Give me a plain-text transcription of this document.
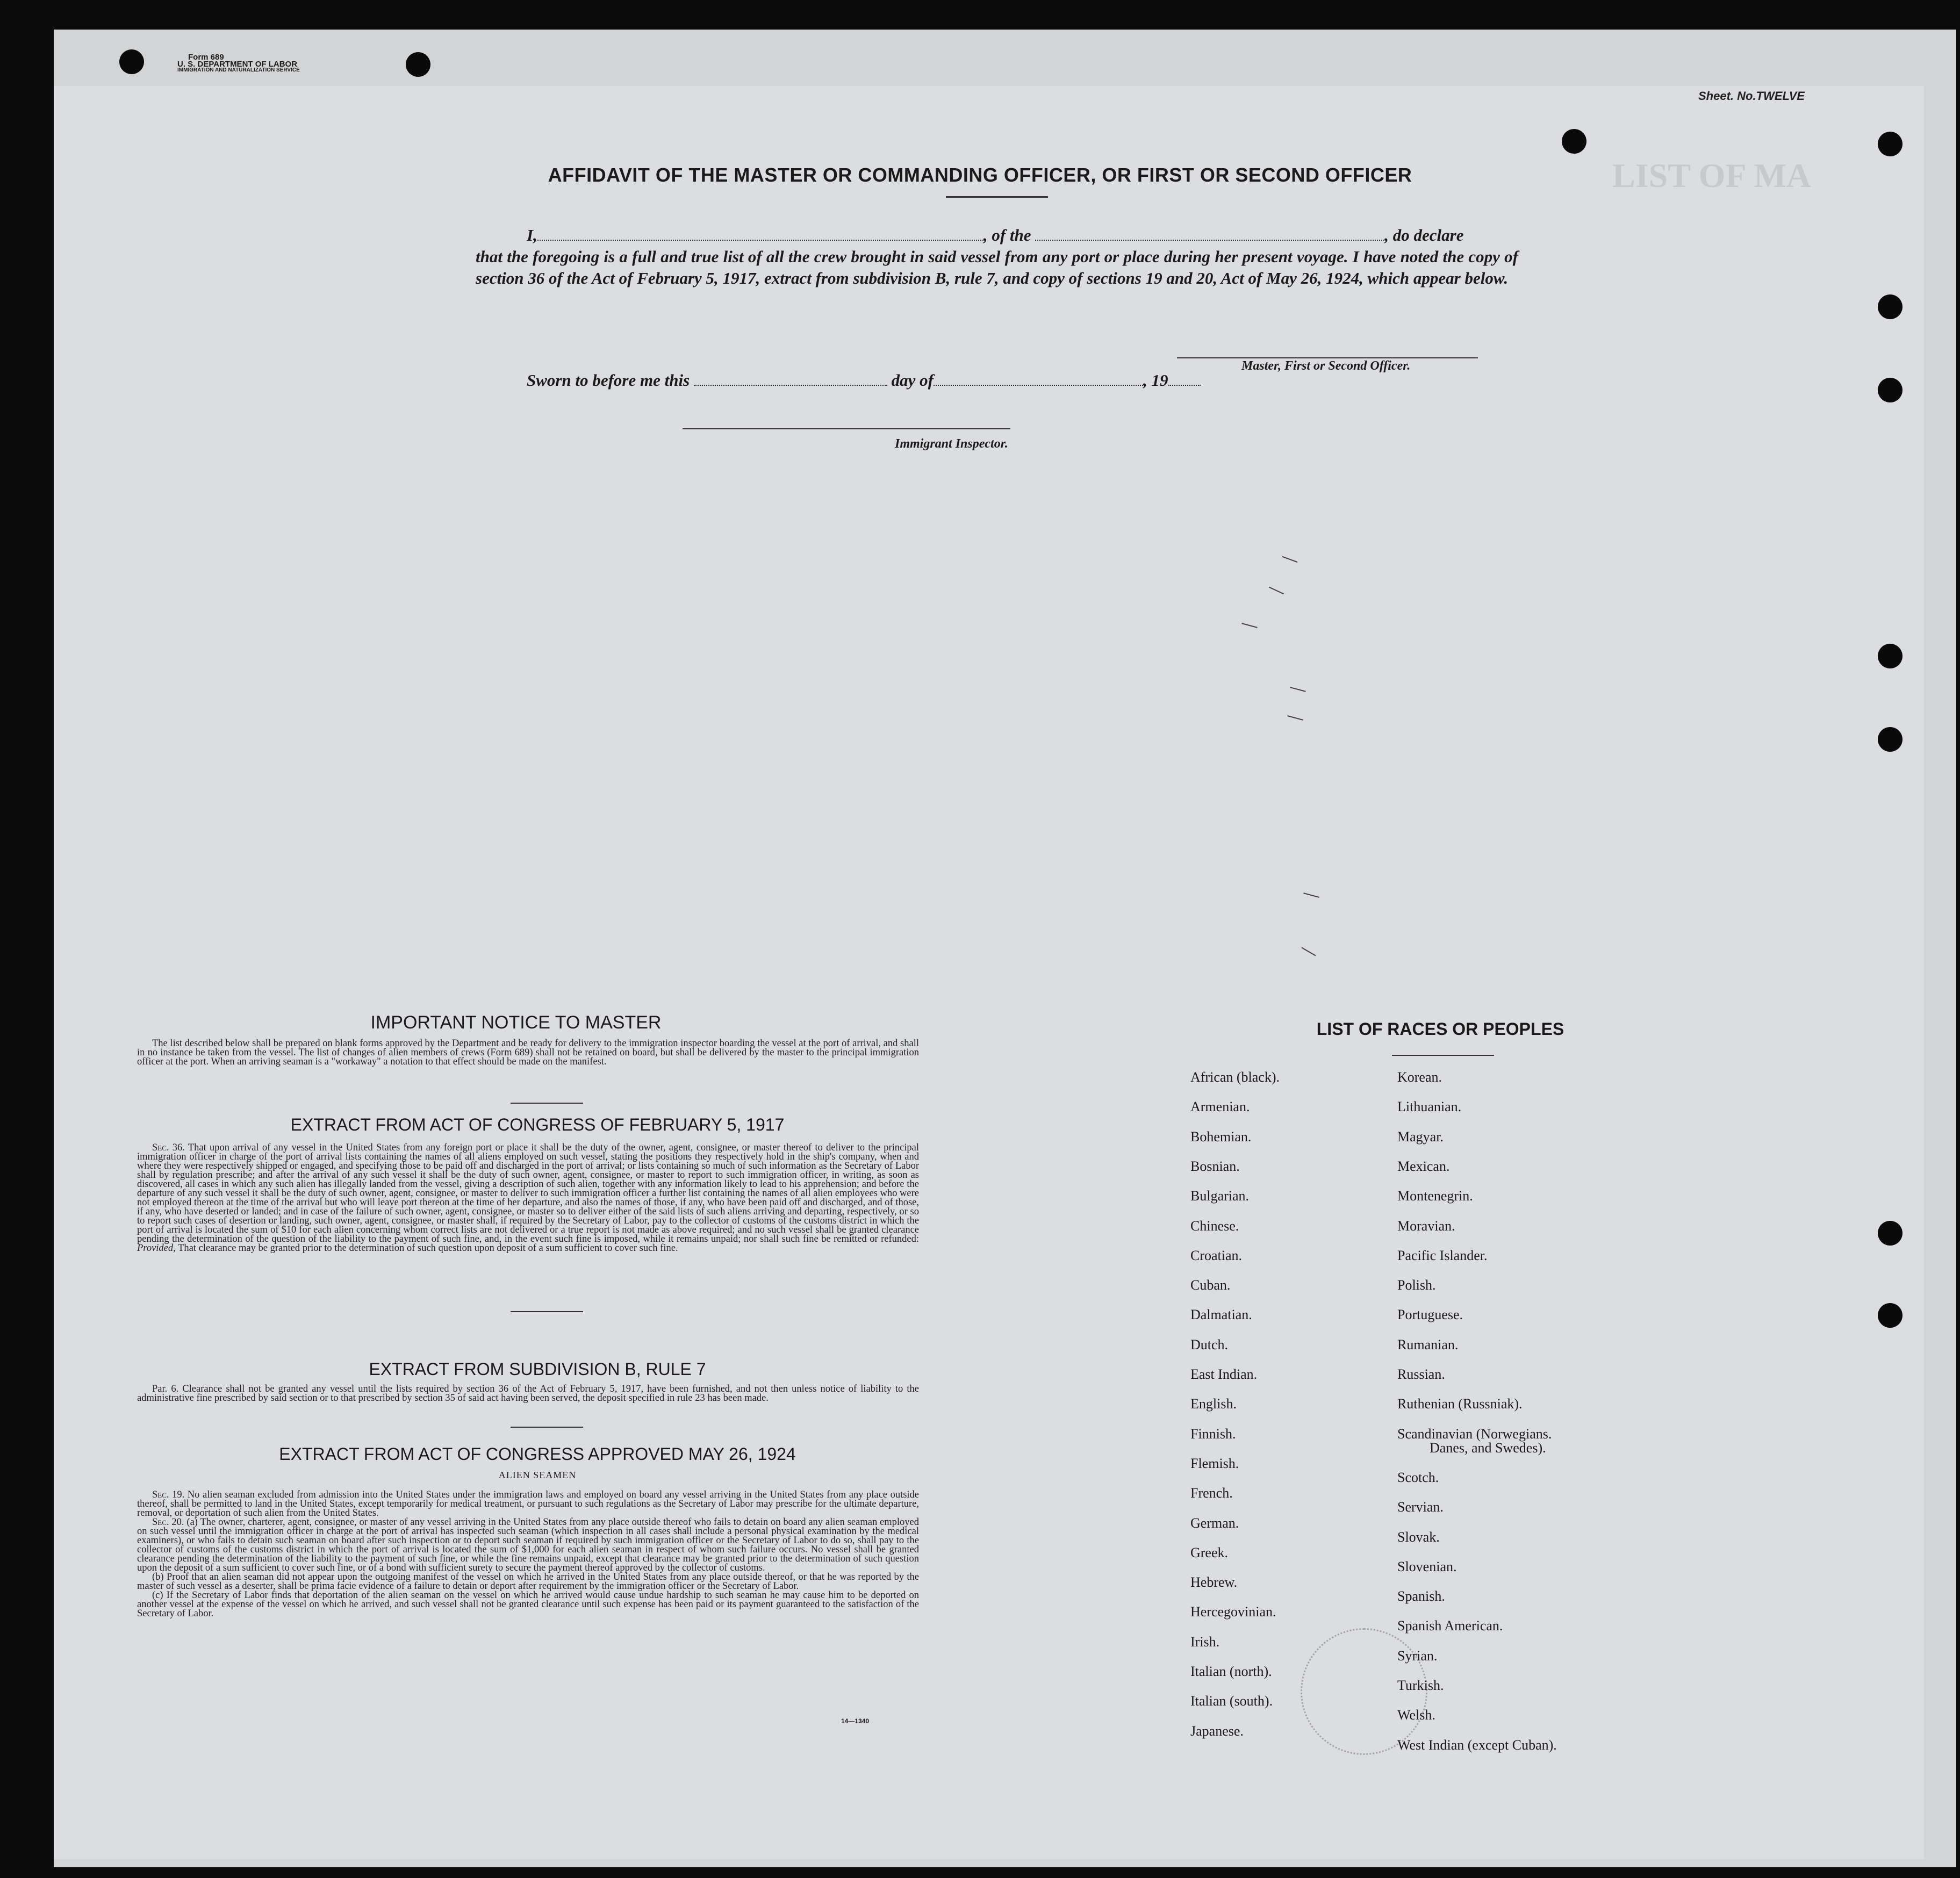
Form 689
U. S. DEPARTMENT OF LABOR
IMMIGRATION AND NATURALIZATION SERVICE
Sheet. No.TWELVE
LIST OF MA

AFFIDAVIT OF THE MASTER OR COMMANDING OFFICER, OR FIRST OR SECOND OFFICER
I,	, of the	, do declare
that the foregoing is a full and true list of all the crew brought in said vessel from any port or place during her present voyage. I have noted the copy of section 36 of the Act of February 5, 1917, extract from subdivision B, rule 7, and copy of sections 19 and 20, Act of May 26, 1924, which appear below.
Master, First or Second Officer.
Sworn to before me this	day of	, 19
Immigrant Inspector.
IMPORTANT NOTICE TO MASTER

The list described below shall be prepared on blank forms approved by the Department and be ready for delivery to the immigration inspector boarding the vessel at the port of arrival, and shall in no instance be taken from the vessel. The list of changes of alien members of crews (Form 689) shall not be retained on board, but shall be delivered by the master to the principal immigration officer at the port. When an arriving seaman is a "workaway" a notation to that effect should be made on the manifest.

EXTRACT FROM ACT OF CONGRESS OF FEBRUARY 5, 1917

Sec. 36. That upon arrival of any vessel in the United States from any foreign port or place it shall be the duty of the owner, agent, consignee, or master thereof to deliver to the principal immigration officer in charge of the port of arrival lists containing the names of all aliens employed on such vessel, stating the positions they respectively hold in the ship's company, when and where they were respectively shipped or engaged, and specifying those to be paid off and discharged in the port of arrival; or lists containing so much of such information as the Secretary of Labor shall by regulation prescribe; and after the arrival of any such vessel it shall be the duty of such owner, agent, consignee, or master to report to such immigration officer, in writing, as soon as discovered, all cases in which any such alien has illegally landed from the vessel, giving a description of such alien, together with any information likely to lead to his apprehension; and before the departure of any such vessel it shall be the duty of such owner, agent, consignee, or master to deliver to such immigration officer a further list containing the names of all alien employees who were not employed thereon at the time of the arrival but who will leave port thereon at the time of her departure, and also the names of those, if any, who have been paid off and discharged, and of those, if any, who have deserted or landed; and in case of the failure of such owner, agent, consignee, or master so to deliver either of the said lists of such aliens arriving and departing, respectively, or so to report such cases of desertion or landing, such owner, agent, consignee, or master shall, if required by the Secretary of Labor, pay to the collector of customs of the customs district in which the port of arrival is located the sum of $10 for each alien concerning whom correct lists are not delivered or a true report is not made as above required; and no such vessel shall be granted clearance pending the determination of the question of the liability to the payment of such fine, and, in the event such fine is imposed, while it remains unpaid; nor shall such fine be remitted or refunded: Provided, That clearance may be granted prior to the determination of such question upon deposit of a sum sufficient to cover such fine.

EXTRACT FROM SUBDIVISION B, RULE 7

Par. 6. Clearance shall not be granted any vessel until the lists required by section 36 of the Act of February 5, 1917, have been furnished, and not then unless notice of liability to the administrative fine prescribed by said section or to that prescribed by section 35 of said act having been served, the deposit specified in rule 23 has been made.

EXTRACT FROM ACT OF CONGRESS APPROVED MAY 26, 1924
ALIEN SEAMEN

Sec. 19. No alien seaman excluded from admission into the United States under the immigration laws and employed on board any vessel arriving in the United States from any place outside thereof, shall be permitted to land in the United States, except temporarily for medical treatment, or pursuant to such regulations as the Secretary of Labor may prescribe for the ultimate departure, removal, or deportation of such alien from the United States.

Sec. 20. (a) The owner, charterer, agent, consignee, or master of any vessel arriving in the United States from any place outside thereof who fails to detain on board any alien seaman employed on such vessel until the immigration officer in charge at the port of arrival has inspected such seaman (which inspection in all cases shall include a personal physical examination by the medical examiners), or who fails to detain such seaman on board after such inspection or to deport such seaman if required by such immigration officer or the Secretary of Labor to do so, shall pay to the collector of customs of the customs district in which the port of arrival is located the sum of $1,000 for each alien seaman in respect of whom such failure occurs. No vessel shall be granted clearance pending the determination of the liability to the payment of such fine, or while the fine remains unpaid, except that clearance may be granted prior to the determination of such question upon the deposit of a sum sufficient to cover such fine, or of a bond with sufficient surety to secure the payment thereof approved by the collector of customs.

(b) Proof that an alien seaman did not appear upon the outgoing manifest of the vessel on which he arrived in the United States from any place outside thereof, or that he was reported by the master of such vessel as a deserter, shall be prima facie evidence of a failure to detain or deport after requirement by the immigration officer or the Secretary of Labor.

(c) If the Secretary of Labor finds that deportation of the alien seaman on the vessel on which he arrived would cause undue hardship to such seaman he may cause him to be deported on another vessel at the expense of the vessel on which he arrived, and such vessel shall not be granted clearance until such expense has been paid or its payment guaranteed to the satisfaction of the Secretary of Labor.

14—1340
LIST OF RACES OR PEOPLES
African (black).
Armenian.
Bohemian.
Bosnian.
Bulgarian.
Chinese.
Croatian.
Cuban.
Dalmatian.
Dutch.
East Indian.
English.
Finnish.
Flemish.
French.
German.
Greek.
Hebrew.
Hercegovinian.
Irish.
Italian (north).
Italian (south).
Japanese.
Korean.
Lithuanian.
Magyar.
Mexican.
Montenegrin.
Moravian.
Pacific Islander.
Polish.
Portuguese.
Rumanian.
Russian.
Ruthenian (Russniak).
Scandinavian (Norwegians.
Danes, and Swedes).
Scotch.
Servian.
Slovak.
Slovenian.
Spanish.
Spanish American.
Syrian.
Turkish.
Welsh.
West Indian (except Cuban).
